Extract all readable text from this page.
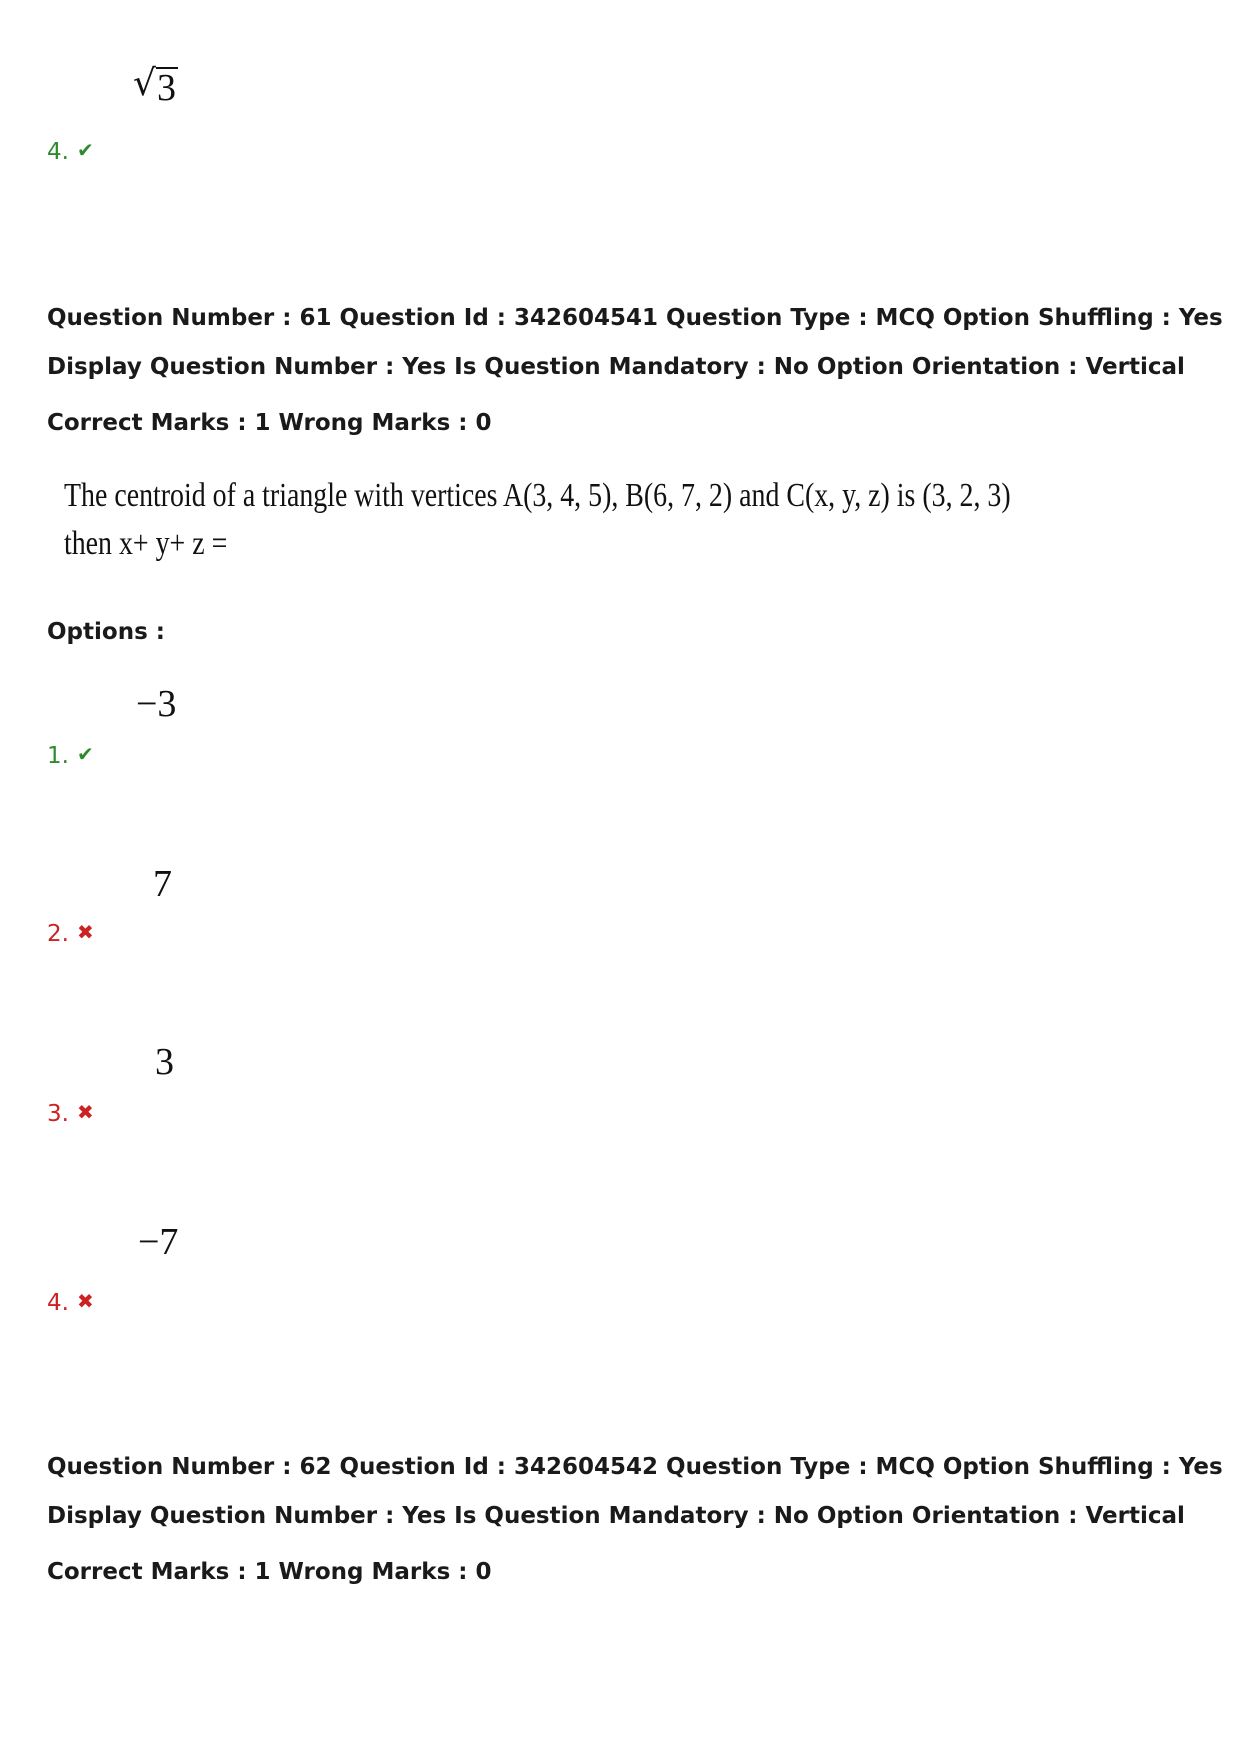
√ 3
4. ✔
Question Number : 61 Question Id : 342604541 Question Type : MCQ Option Shuffling : Yes
Display Question Number : Yes Is Question Mandatory : No Option Orientation : Vertical
Correct Marks : 1 Wrong Marks : 0
The centroid of a triangle with vertices A(3, 4, 5), B(6, 7, 2) and C(x, y, z) is (3, 2, 3)
then x+ y+ z =
Options :
−3
1. ✔
7
2. ✖
3
3. ✖
−7
4. ✖
Question Number : 62 Question Id : 342604542 Question Type : MCQ Option Shuffling : Yes
Display Question Number : Yes Is Question Mandatory : No Option Orientation : Vertical
Correct Marks : 1 Wrong Marks : 0
